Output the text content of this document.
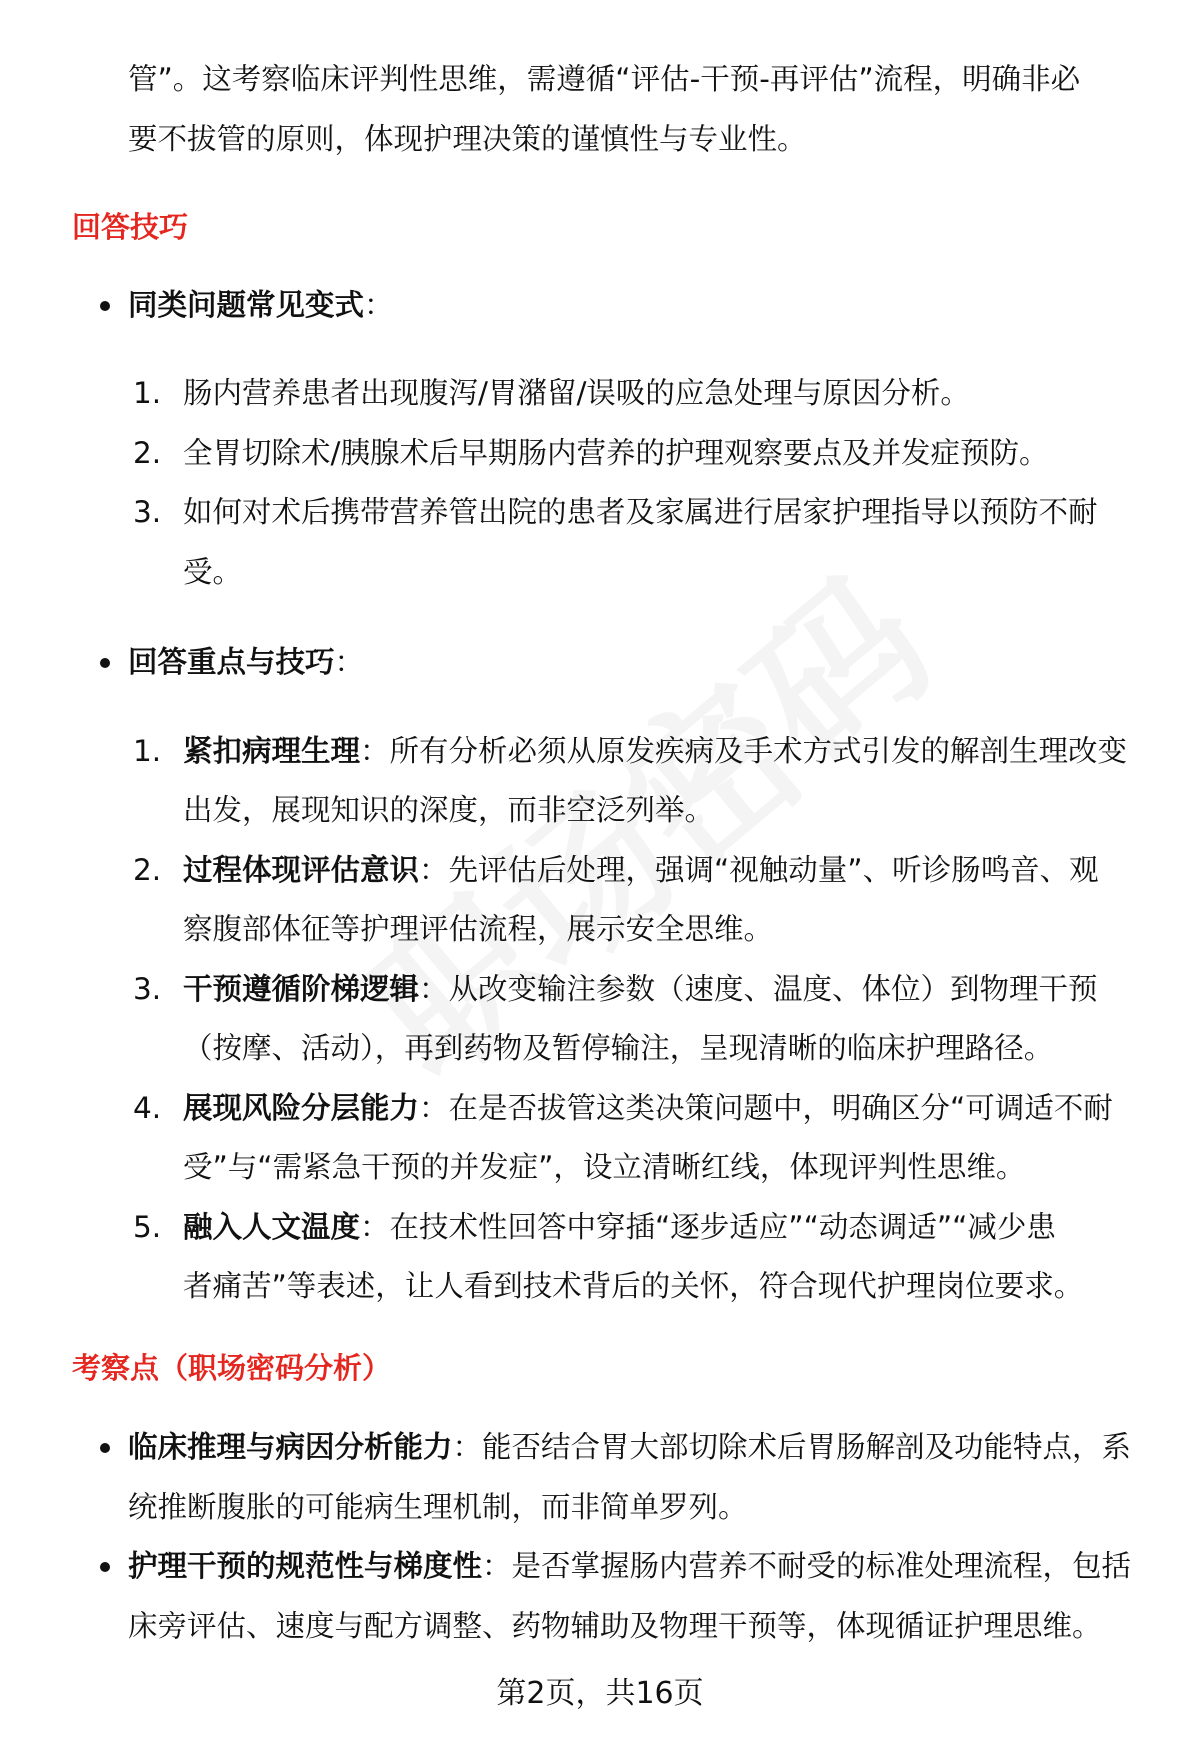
管”。这考察临床评判性思维，需遵循“评估-干预-再评估”流程，明确非必
要不拔管的原则，体现护理决策的谨慎性与专业性。
回答技巧
同类问题常见变式：
1. 肠内营养患者出现腹泻/胃潴留/误吸的应急处理与原因分析。
2. 全胃切除术/胰腺术后早期肠内营养的护理观察要点及并发症预防。
3. 如何对术后携带营养管出院的患者及家属进行居家护理指导以预防不耐
受。
回答重点与技巧：
1. 紧扣病理生理：所有分析必须从原发疾病及手术方式引发的解剖生理改变
出发，展现知识的深度，而非空泛列举。
2. 过程体现评估意识：先评估后处理，强调“视触动量”、听诊肠鸣音、观
察腹部体征等护理评估流程，展示安全思维。
3. 干预遵循阶梯逻辑：从改变输注参数（速度、温度、体位）到物理干预
（按摩、活动），再到药物及暂停输注，呈现清晰的临床护理路径。
4. 展现风险分层能力：在是否拔管这类决策问题中，明确区分“可调适不耐
受”与“需紧急干预的并发症”，设立清晰红线，体现评判性思维。
5. 融入人文温度：在技术性回答中穿插“逐步适应”“动态调适”“减少患
者痛苦”等表述，让人看到技术背后的关怀，符合现代护理岗位要求。
考察点（职场密码分析）
临床推理与病因分析能力：能否结合胃大部切除术后胃肠解剖及功能特点，系
统推断腹胀的可能病生理机制，而非简单罗列。
护理干预的规范性与梯度性：是否掌握肠内营养不耐受的标准处理流程，包括
床旁评估、速度与配方调整、药物辅助及物理干预等，体现循证护理思维。
第2页，共16页
